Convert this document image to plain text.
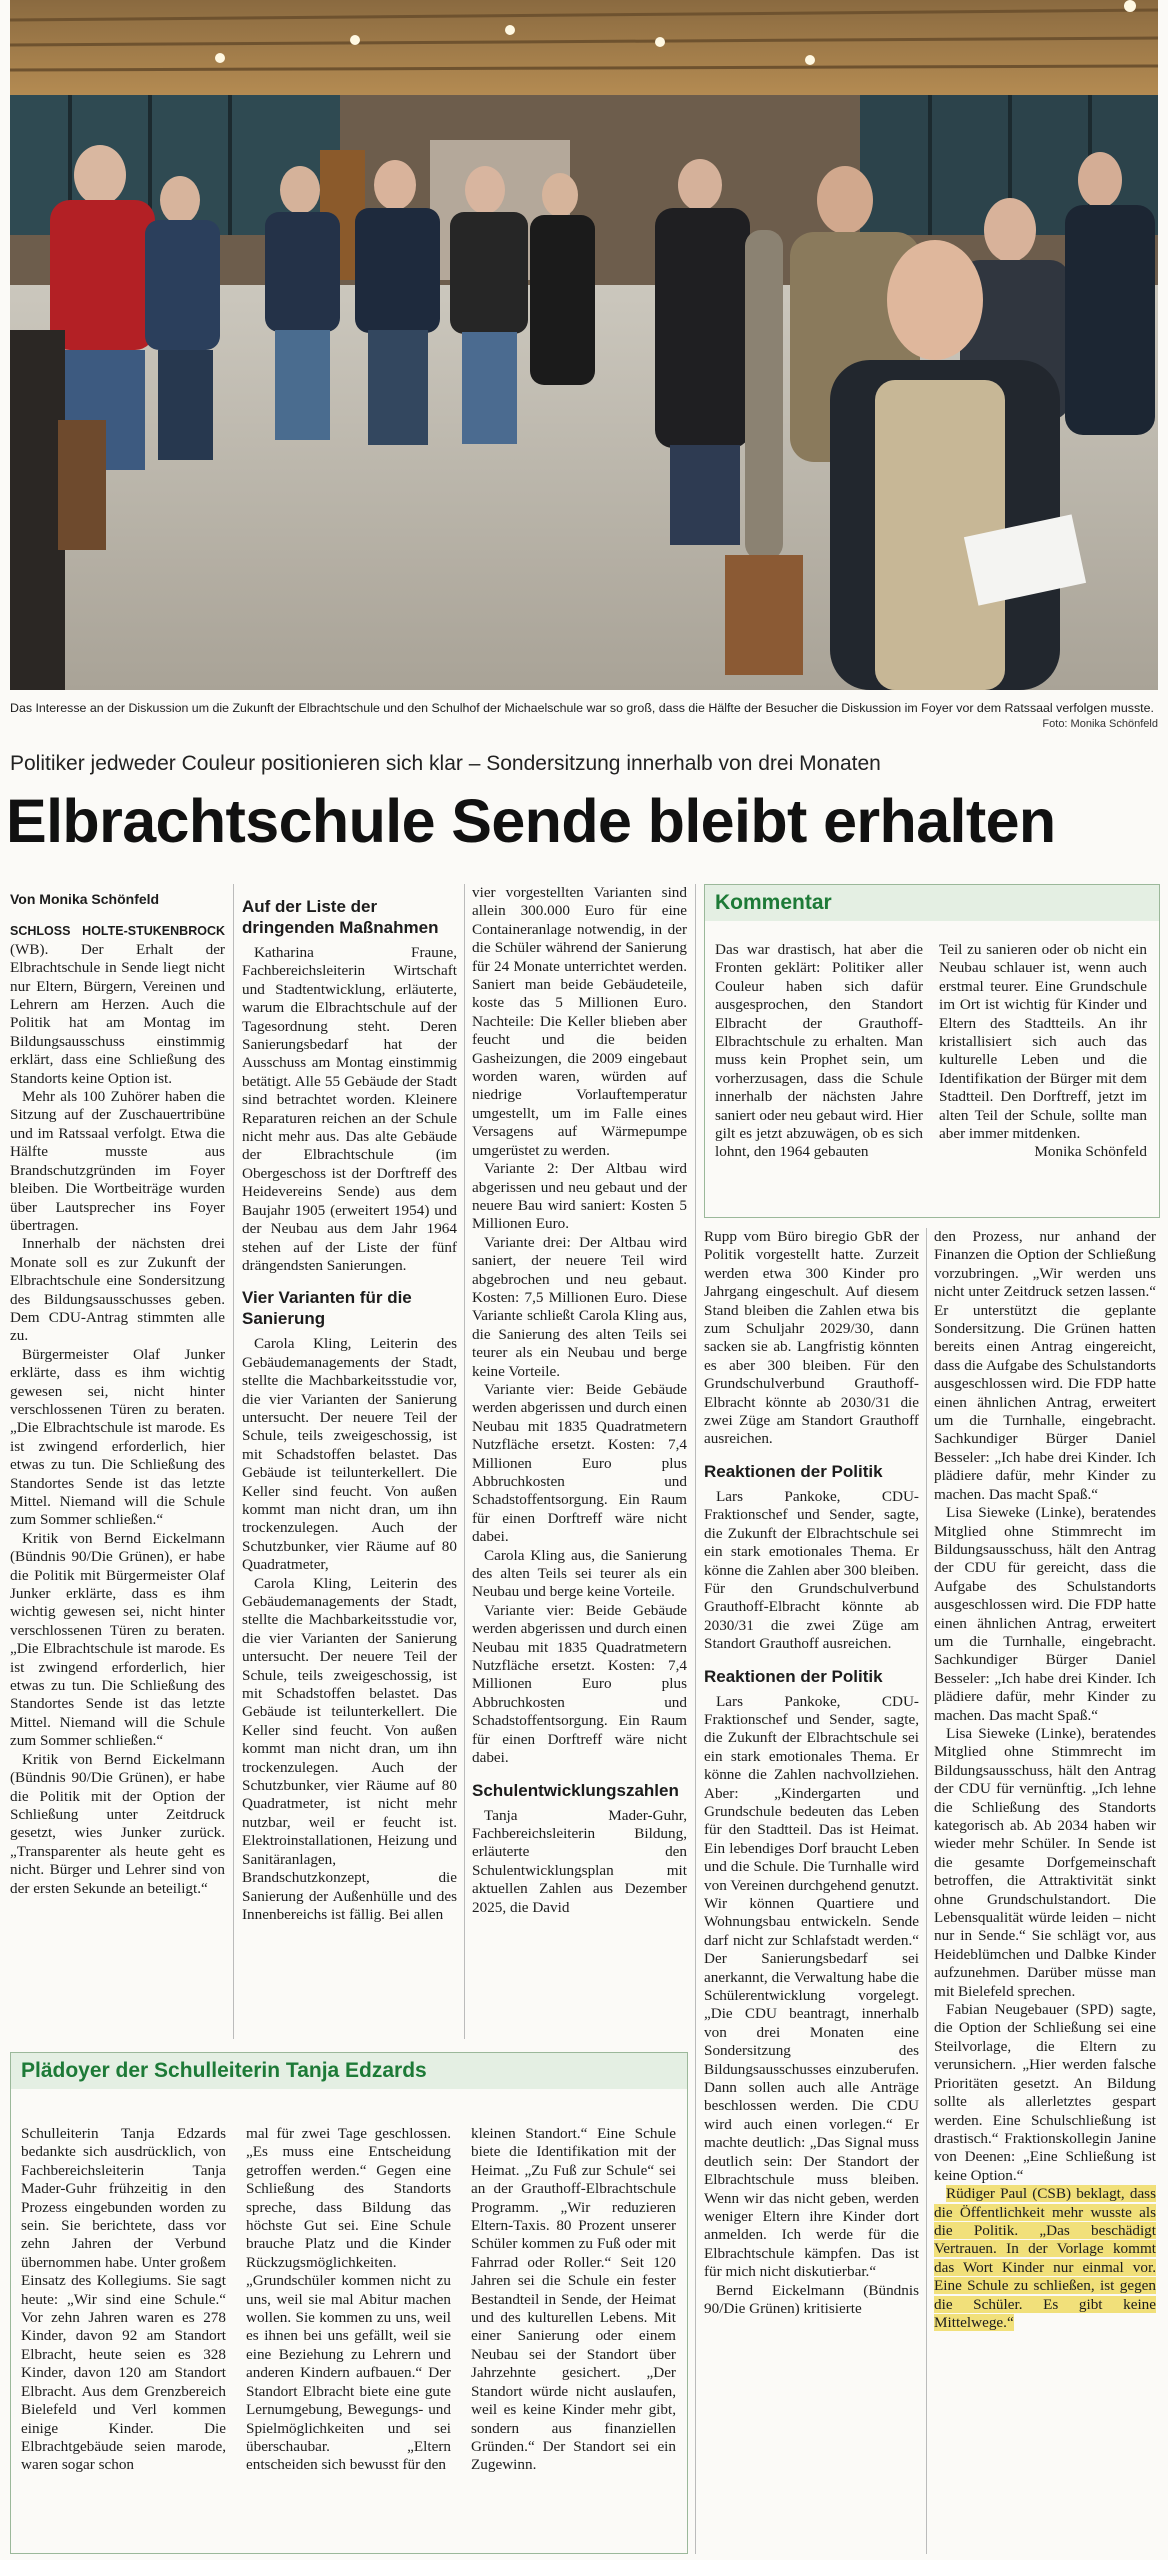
Das Interesse an der Diskussion um die Zukunft der Elbrachtschule und den Schulhof der Michaelschule war so groß, dass die Hälfte der Besucher die Diskussion im Foyer vor dem Ratssaal verfolgen musste.
Foto: Monika Schönfeld
Politiker jedweder Couleur positionieren sich klar – Sondersitzung innerhalb von drei Monaten
Elbrachtschule Sende bleibt erhalten
Von Monika Schönfeld

SCHLOSS HOLTE-STUKENBROCK (WB). Der Erhalt der Elbrachtschule in Sende liegt nicht nur Eltern, Bürgern, Vereinen und Lehrern am Herzen. Auch die Politik hat am Montag im Bildungsausschuss einstimmig erklärt, dass eine Schließung des Standorts keine Option ist.

Mehr als 100 Zuhörer haben die Sitzung auf der Zuschauertribüne und im Ratssaal verfolgt. Etwa die Hälfte musste aus Brandschutzgründen im Foyer bleiben. Die Wortbeiträge wurden über Lautsprecher ins Foyer übertragen.

Innerhalb der nächsten drei Monate soll es zur Zukunft der Elbrachtschule eine Sondersitzung des Bildungsausschusses geben. Dem CDU-Antrag stimmten alle zu.

Bürgermeister Olaf Junker erklärte, dass es ihm wichtig gewesen sei, nicht hinter verschlossenen Türen zu beraten. „Die Elbrachtschule ist marode. Es ist zwingend erforderlich, hier etwas zu tun. Die Schließung des Standortes Sende ist das letzte Mittel. Niemand will die Schule zum Sommer schließen.“

Kritik von Bernd Eickelmann (Bündnis 90/Die Grünen), er habe die Politik mit Bürgermeister Olaf Junker erklärte, dass es ihm wichtig gewesen sei, nicht hinter verschlossenen Türen zu beraten. „Die Elbrachtschule ist marode. Es ist zwingend erforderlich, hier etwas zu tun. Die Schließung des Standortes Sende ist das letzte Mittel. Niemand will die Schule zum Sommer schließen.“

Kritik von Bernd Eickelmann (Bündnis 90/Die Grünen), er habe die Politik mit der Option der Schließung unter Zeitdruck gesetzt, wies Junker zurück. „Transparenter als heute geht es nicht. Bürger und Lehrer sind von der ersten Sekunde an beteiligt.“

Auf der Liste der dringenden Maßnahmen

Katharina Fraune, Fachbereichsleiterin Wirtschaft und Stadtentwicklung, erläuterte, warum die Elbrachtschule auf der Tagesordnung steht. Deren Sanierungsbedarf hat der Ausschuss am Montag einstimmig betätigt. Alle 55 Gebäude der Stadt sind betrachtet worden. Kleinere Reparaturen reichen an der Schule nicht mehr aus. Das alte Gebäude der Elbrachtschule (im Obergeschoss ist der Dorftreff des Heidevereins Sende) aus dem Baujahr 1905 (erweitert 1954) und der Neubau aus dem Jahr 1964 stehen auf der Liste der fünf drängendsten Sanierungen.

Vier Varianten für die Sanierung

Carola Kling, Leiterin des Gebäudemanagements der Stadt, stellte die Machbarkeitsstudie vor, die vier Varianten der Sanierung untersucht. Der neuere Teil der Schule, teils zweigeschossig, ist mit Schadstoffen belastet. Das Gebäude ist teilunterkellert. Die Keller sind feucht. Von außen kommt man nicht dran, um ihn trockenzulegen. Auch der Schutzbunker, vier Räume auf 80 Quadratmeter,

Carola Kling, Leiterin des Gebäudemanagements der Stadt, stellte die Machbarkeitsstudie vor, die vier Varianten der Sanierung untersucht. Der neuere Teil der Schule, teils zweigeschossig, ist mit Schadstoffen belastet. Das Gebäude ist teilunterkellert. Die Keller sind feucht. Von außen kommt man nicht dran, um ihn trockenzulegen. Auch der Schutzbunker, vier Räume auf 80 Quadratmeter, ist nicht mehr nutzbar, weil er feucht ist. Elektroinstallationen, Heizung und Sanitäranlagen, Brandschutzkonzept, die Sanierung der Außenhülle und des Innenbereichs ist fällig. Bei allen

vier vorgestellten Varianten sind allein 300.000 Euro für eine Containeranlage notwendig, in der die Schüler während der Sanierung für 24 Monate unterrichtet werden. Saniert man beide Gebäudeteile, koste das 5 Millionen Euro. Nachteile: Die Keller blieben aber feucht und die beiden Gasheizungen, die 2009 eingebaut worden waren, würden auf niedrige Vorlauftemperatur umgestellt, um im Falle eines Versagens auf Wärmepumpe umgerüstet zu werden.

Variante 2: Der Altbau wird abgerissen und neu gebaut und der neuere Bau wird saniert: Kosten 5 Millionen Euro.

Variante drei: Der Altbau wird saniert, der neuere Teil wird abgebrochen und neu gebaut. Kosten: 7,5 Millionen Euro. Diese Variante schließt Carola Kling aus, die Sanierung des alten Teils sei teurer als ein Neubau und berge keine Vorteile.

Variante vier: Beide Gebäude werden abgerissen und durch einen Neubau mit 1835 Quadratmetern Nutzfläche ersetzt. Kosten: 7,4 Millionen Euro plus Abbruchkosten und Schadstoffentsorgung. Ein Raum für einen Dorftreff wäre nicht dabei.

Carola Kling aus, die Sanierung des alten Teils sei teurer als ein Neubau und berge keine Vorteile.

Variante vier: Beide Gebäude werden abgerissen und durch einen Neubau mit 1835 Quadratmetern Nutzfläche ersetzt. Kosten: 7,4 Millionen Euro plus Abbruchkosten und Schadstoffentsorgung. Ein Raum für einen Dorftreff wäre nicht dabei.

Schulentwicklungszahlen

Tanja Mader-Guhr, Fachbereichsleiterin Bildung, erläuterte den Schulentwicklungsplan mit aktuellen Zahlen aus Dezember 2025, die David

Kommentar

Das war drastisch, hat aber die Fronten geklärt: Politiker aller Couleur haben sich dafür ausgesprochen, den Standort Elbracht der Grauthoff-Elbrachtschule zu erhalten. Man muss kein Prophet sein, um vorherzusagen, dass die Schule innerhalb der nächsten Jahre saniert oder neu gebaut wird. Hier gilt es jetzt abzuwägen, ob es sich lohnt, den 1964 gebauten

Teil zu sanieren oder ob nicht ein Neubau schlauer ist, wenn auch erstmal teurer. Eine Grundschule im Ort ist wichtig für Kinder und Eltern des Stadtteils. An ihr kristallisiert sich auch das kulturelle Leben und die Identifikation der Bürger mit dem Stadtteil. Den Dorftreff, jetzt im alten Teil der Schule, sollte man aber immer mitdenken.

Monika Schönfeld

Rupp vom Büro biregio GbR der Politik vorgestellt hatte. Zurzeit werden etwa 300 Kinder pro Jahrgang eingeschult. Auf diesem Stand bleiben die Zahlen etwa bis zum Schuljahr 2029/30, dann sacken sie ab. Langfristig könnten es aber 300 bleiben. Für den Grundschulverbund Grauthoff-Elbracht könnte ab 2030/31 die zwei Züge am Standort Grauthoff ausreichen.

Reaktionen der Politik

Lars Pankoke, CDU-Fraktionschef und Sender, sagte, die Zukunft der Elbrachtschule sei ein stark emotionales Thema. Er könne die Zahlen aber 300 bleiben. Für den Grundschulverbund Grauthoff-Elbracht könnte ab 2030/31 die zwei Züge am Standort Grauthoff ausreichen.

Reaktionen der Politik

Lars Pankoke, CDU-Fraktionschef und Sender, sagte, die Zukunft der Elbrachtschule sei ein stark emotionales Thema. Er könne die Zahlen nachvollziehen. Aber: „Kindergarten und Grundschule bedeuten das Leben für den Stadtteil. Das ist Heimat. Ein lebendiges Dorf braucht Leben und die Schule. Die Turnhalle wird von Vereinen durchgehend genutzt. Wir können Quartiere und Wohnungsbau entwickeln. Sende darf nicht zur Schlafstadt werden.“ Der Sanierungsbedarf sei anerkannt, die Verwaltung habe die Schülerentwicklung vorgelegt. „Die CDU beantragt, innerhalb von drei Monaten eine Sondersitzung des Bildungsausschusses einzuberufen. Dann sollen auch alle Anträge beschlossen werden. Die CDU wird auch einen vorlegen.“ Er machte deutlich: „Das Signal muss deutlich sein: Der Standort der Elbrachtschule muss bleiben. Wenn wir das nicht geben, werden weniger Eltern ihre Kinder dort anmelden. Ich werde für die Elbrachtschule kämpfen. Das ist für mich nicht diskutierbar.“

Bernd Eickelmann (Bündnis 90/Die Grünen) kritisierte

den Prozess, nur anhand der Finanzen die Option der Schließung vorzubringen. „Wir werden uns nicht unter Zeitdruck setzen lassen.“ Er unterstützt die geplante Sondersitzung. Die Grünen hatten bereits einen Antrag eingereicht, dass die Aufgabe des Schulstandorts ausgeschlossen wird. Die FDP hatte einen ähnlichen Antrag, erweitert um die Turnhalle, eingebracht. Sachkundiger Bürger Daniel Besseler: „Ich habe drei Kinder. Ich plädiere dafür, mehr Kinder zu machen. Das macht Spaß.“

Lisa Sieweke (Linke), beratendes Mitglied ohne Stimmrecht im Bildungsausschuss, hält den Antrag der CDU für gereicht, dass die Aufgabe des Schulstandorts ausgeschlossen wird. Die FDP hatte einen ähnlichen Antrag, erweitert um die Turnhalle, eingebracht. Sachkundiger Bürger Daniel Besseler: „Ich habe drei Kinder. Ich plädiere dafür, mehr Kinder zu machen. Das macht Spaß.“

Lisa Sieweke (Linke), beratendes Mitglied ohne Stimmrecht im Bildungsausschuss, hält den Antrag der CDU für vernünftig. „Ich lehne die Schließung des Standorts kategorisch ab. Ab 2034 haben wir wieder mehr Schüler. In Sende ist die gesamte Dorfgemeinschaft betroffen, die Attraktivität sinkt ohne Grundschulstandort. Die Lebensqualität würde leiden – nicht nur in Sende.“ Sie schlägt vor, aus Heideblümchen und Dalbke Kinder aufzunehmen. Darüber müsse man mit Bielefeld sprechen.

Fabian Neugebauer (SPD) sagte, die Option der Schließung sei eine Steilvorlage, die Eltern zu verunsichern. „Hier werden falsche Prioritäten gesetzt. An Bildung sollte als allerletztes gespart werden. Eine Schulschließung ist drastisch.“ Fraktionskollegin Janine von Deenen: „Eine Schließung ist keine Option.“

Rüdiger Paul (CSB) beklagt, dass die Öffentlichkeit mehr wusste als die Politik. „Das beschädigt Vertrauen. In der Vorlage kommt das Wort Kinder nur einmal vor. Eine Schule zu schließen, ist gegen die Schüler. Es gibt keine Mittelwege.“

Plädoyer der Schulleiterin Tanja Edzards

Schulleiterin Tanja Edzards bedankte sich ausdrücklich, von Fachbereichsleiterin Tanja Mader-Guhr frühzeitig in den Prozess eingebunden worden zu sein. Sie berichtete, dass vor zehn Jahren der Verbund übernommen habe. Unter großem Einsatz des Kollegiums. Sie sagt heute: „Wir sind eine Schule.“ Vor zehn Jahren waren es 278 Kinder, davon 92 am Standort Elbracht, heute seien es 328 Kinder, davon 120 am Standort Elbracht. Aus dem Grenzbereich Bielefeld und Verl kommen einige Kinder. Die Elbrachtgebäude seien marode, waren sogar schon

mal für zwei Tage geschlossen. „Es muss eine Entscheidung getroffen werden.“ Gegen eine Schließung des Standorts spreche, dass Bildung das höchste Gut sei. Eine Schule brauche Platz und die Kinder Rückzugsmöglichkeiten. „Grundschüler kommen nicht zu uns, weil sie mal Abitur machen wollen. Sie kommen zu uns, weil es ihnen bei uns gefällt, weil sie eine Beziehung zu Lehrern und anderen Kindern aufbauen.“ Der Standort Elbracht biete eine gute Lernumgebung, Bewegungs- und Spielmöglichkeiten und sei überschaubar. „Eltern entscheiden sich bewusst für den

kleinen Standort.“ Eine Schule biete die Identifikation mit der Heimat. „Zu Fuß zur Schule“ sei an der Grauthoff-Elbrachtschule Programm. „Wir reduzieren Eltern-Taxis. 80 Prozent unserer Schüler kommen zu Fuß oder mit Fahrrad oder Roller.“ Seit 120 Jahren sei die Schule ein fester Bestandteil in Sende, der Heimat und des kulturellen Lebens. Mit einer Sanierung oder einem Neubau sei der Standort über Jahrzehnte gesichert. „Der Standort würde nicht auslaufen, weil es keine Kinder mehr gibt, sondern aus finanziellen Gründen.“ Der Standort sei ein Zugewinn.
